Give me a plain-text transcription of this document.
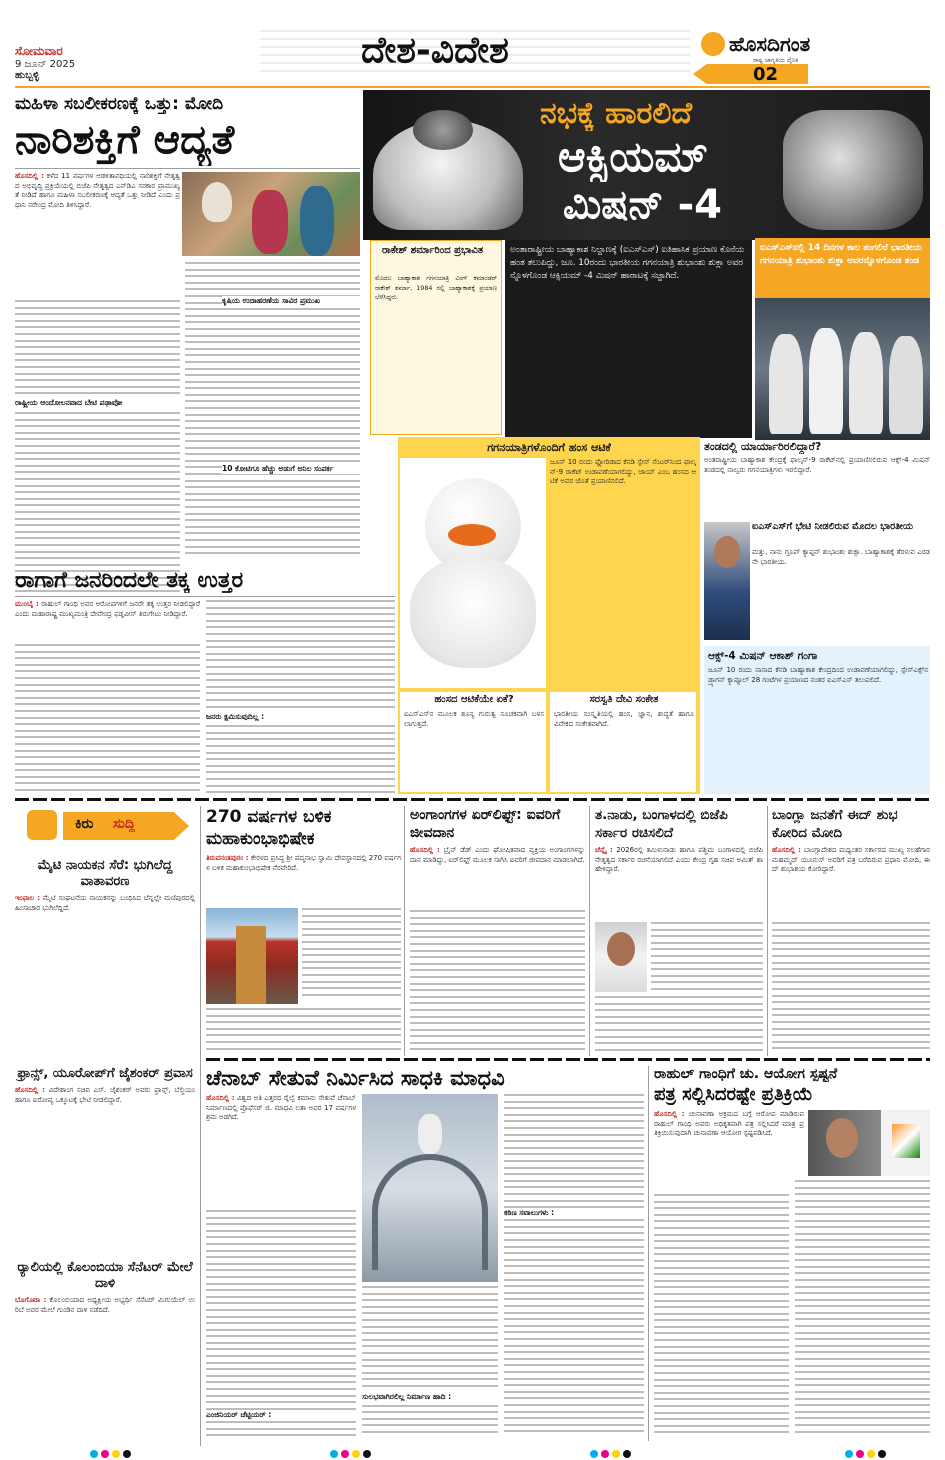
ಸೋಮವಾರ
9 ಜೂನ್ 2025
ಹುಬ್ಬಳ್ಳಿ
ದೇಶ-ವಿದೇಶ	ಹೊಸದಿಗಂತ
ರಾಷ್ಟ್ರ ಜಾಗೃತಿಯ ದೈನಿಕ
02
ಮಹಿಳಾ ಸಬಲೀಕರಣಕ್ಕೆ ಒತ್ತು: ಮೋದಿ
ನಾರಿಶಕ್ತಿಗೆ ಆದ್ಯತೆ
ಹೊಸದಿಲ್ಲಿ : ಕಳೆದ 11 ವರ್ಷಗಳ ಆಡಳಿತಾವಧಿಯಲ್ಲಿ ನಾರಿಶಕ್ತಿಗೆ ನೇತೃತ್ವದ ಅಭಿವೃದ್ಧಿ ಪ್ರಕ್ರಿಯೆಯಲ್ಲಿ ಬಿಜೆಪಿ ನೇತೃತ್ವದ ಎನ್‌ಡಿಎ ಸರಕಾರ ಪ್ರಾಮುಖ್ಯತೆ ನೀಡಿದೆ ಹಾಗೂ ಮಹಿಳಾ ಸಬಲೀಕರಣಕ್ಕೆ ಆದ್ಯತೆ ಒತ್ತು ನೀಡಿದೆ ಎಂದು ಪ್ರಧಾನಿ ನರೇಂದ್ರ ಮೋದಿ ತಿಳಿಸಿದ್ದಾರೆ.
ರಾಷ್ಟ್ರೀಯ ಆಂದೋಲನವಾದ ಬೇಟಿ ಪಢಾವೋ
ಕೃಷಿಯ ಉದಾಹರಣೆಯ ಸಾವಿರ ಪ್ರಮುಖ
10 ಕೋಟಿಗೂ ಹೆಚ್ಚು ಅಡುಗೆ ಅನಿಲ ಸಂಪರ್ಕ
ನಭಕ್ಕೆ ಹಾರಲಿದೆ
ಆಕ್ಸಿಯಮ್
ಮಿಷನ್ -4
ರಾಕೇಶ್ ಶರ್ಮಾರಿಂದ ಪ್ರಭಾವಿತ
ಮೊದಲ ಬಾಹ್ಯಾಕಾಶ ಗಗನಯಾತ್ರಿ ವಿಂಗ್ ಕಮಾಂಡರ್ ರಾಕೇಶ್ ಶರ್ಮಾ, 1984 ರಲ್ಲಿ ಬಾಹ್ಯಾಕಾಶಕ್ಕೆ ಪ್ರಯಾಣ ಬೆಳೆಸಿದ್ದರು.
ಅಂತಾರಾಷ್ಟ್ರೀಯ ಬಾಹ್ಯಾಕಾಶ ನಿಲ್ದಾಣಕ್ಕೆ (ಐಎಸ್‌ಎಸ್) ಐತಿಹಾಸಿಕ ಪ್ರಯಾಣ ಕೊನೆಯ ಹಂತ ತಲುಪಿದ್ದು, ಜೂ. 10ರಂದು ಭಾರತೀಯ ಗಗನಯಾತ್ರಿ ಶುಭಾಂಶು ಶುಕ್ಲಾ ಅವರನ್ನೊಳಗೊಂಡ ಆಕ್ಸಿಯಮ್ -4 ಮಿಷನ್ ಹಾರಾಟಕ್ಕೆ ಸಜ್ಜಾಗಿದೆ.
ಐಎಸ್‌ಎಸ್‌ನಲ್ಲಿ 14 ದಿನಗಳ ಕಾಲ ತಂಗಲಿರೆ ಭಾರತೀಯ ಗಗನಯಾತ್ರಿ ಶುಭಾಂಶು ಶುಕ್ಲಾ ಅವರನ್ನೊಳಗೊಂಡ ತಂಡ
ಗಗನಯಾತ್ರಿಗಳೊಂದಿಗೆ ಹಂಸ ಆಟಿಕೆ
ಜೂನ್ 10 ರಂದು ಫ್ಲೋರಿಡಾದ ಕೆನಡಿ ಸ್ಪೇಸ್ ಸೆಂಟರ್‌ನಿಂದ ಫಾಲ್ಕನ್-9 ರಾಕೆಟ್ ಉಡಾವಣೆಯಾಗಲಿದ್ದು, ಜಾಯ್ ಎಂಬ ಹಂಸದ ಆಟಿಕೆ ಅವರ ಜೊತೆ ಪ್ರಯಾಣಿಸಲಿದೆ.
ಹಂಸದ ಆಟಿಕೆಯೇ ಏಕೆ?
ಐಎಸ್‌ಎಸ್‌ನ ಮೂಲಕ ಶೂನ್ಯ ಗುರುತ್ವ ಸೂಚಕವಾಗಿ ಬಳಸಲಾಗುತ್ತದೆ.
ಸರಸ್ವತಿ ದೇವಿ ಸಂಕೇತ
ಭಾರತೀಯ ಸಂಸ್ಕೃತಿಯಲ್ಲಿ ಹಂಸ, ಜ್ಞಾನ, ಶುದ್ಧತೆ ಹಾಗೂ ವಿವೇಕದ ಸಂಕೇತವಾಗಿದೆ.
ತಂಡದಲ್ಲಿ ಯಾರ್ಯಾರಿರಲಿದ್ದಾರೆ?
ಅಂತರಾಷ್ಟ್ರೀಯ ಬಾಹ್ಯಾಕಾಶ ಕೇಂದ್ರಕ್ಕೆ ಫಾಲ್ಕನ್-9 ರಾಕೆಟ್‌ನಲ್ಲಿ ಪ್ರಯಾಣಿಸಲಿರುವ ಆಕ್ಸ್-4 ಮಿಷನ್ ತಂಡದಲ್ಲಿ ನಾಲ್ವರು ಗಗನಯಾತ್ರಿಗಳು ಇರಲಿದ್ದಾರೆ.
ಐಎಸ್‌ಎಸ್‌ಗೆ ಭೇಟಿ ನೀಡಲಿರುವ ಮೊದಲ ಭಾರತೀಯ
ಮತ್ತು, ನಾನು ಗ್ರೂಪ್ ಕ್ಯಾಪ್ಟನ್ ಶುಭಾಂಶು ಶುಕ್ಲಾ. ಬಾಹ್ಯಾಕಾಶಕ್ಕೆ ತೆರಳುವ ಎರಡನೇ ಭಾರತೀಯ.
ಆಕ್ಸ್-4 ಮಿಷನ್ ಆಕಾಶ್ ಗಂಗಾ
ಜೂನ್ 10 ರಂದು ನಾಸಾದ ಕೆನಡಿ ಬಾಹ್ಯಾಕಾಶ ಕೇಂದ್ರದಿಂದ ಉಡಾವಣೆಯಾಗಲಿದ್ದು, ಸ್ಪೇಸ್‌ಎಕ್ಸ್‌ನ ಡ್ರ್ಯಾಗನ್ ಕ್ಯಾಪ್ಸೂಲ್ 28 ಗಂಟೆಗಳ ಪ್ರಯಾಣದ ನಂತರ ಐಎಸ್‌ಎಸ್ ತಲುಪಲಿದೆ.
ರಾಗಾಗೆ ಜನರಿಂದಲೇ ತಕ್ಕ ಉತ್ತರ
ಮುಂಬೈ : ರಾಹುಲ್ ಗಾಂಧಿ ಅವರ ಆರೋಪಗಳಿಗೆ ಜನರೇ ತಕ್ಕ ಉತ್ತರ ನೀಡಲಿದ್ದಾರೆ ಎಂದು ಮಹಾರಾಷ್ಟ್ರ ಮುಖ್ಯಮಂತ್ರಿ ದೇವೇಂದ್ರ ಫಡ್ನವೀಸ್ ತಿರುಗೇಟು ನೀಡಿದ್ದಾರೆ.
ಜನರು ಕ್ಷಮಿಸುವುದಿಲ್ಲ :
ಕಿರು ಸುದ್ದಿ
ಮೈಟಿ ನಾಯಕನ ಸೆರೆ: ಭುಗಿಲೆದ್ದ ವಾತಾವರಣ
ಇಂಫಾಲ : ಮೈಟಿ ಸಂಘಟನೆಯ ನಾಯಕನನ್ನು ಬಂಧಿಸಿದ ಬೆನ್ನಲ್ಲೇ ಮಣಿಪುರದಲ್ಲಿ ಹಿಂಸಾಚಾರ ಭುಗಿಲೆದ್ದಿದೆ.
ಫ್ರಾನ್ಸ್, ಯೂರೋಪ್‌ಗೆ ಜೈಶಂಕರ್ ಪ್ರವಾಸ
ಹೊಸದಿಲ್ಲಿ : ವಿದೇಶಾಂಗ ಸಚಿವ ಎಸ್. ಜೈಶಂಕರ್ ಅವರು ಫ್ರಾನ್ಸ್, ಬೆಲ್ಜಿಯಂ ಹಾಗೂ ಐರೋಪ್ಯ ಒಕ್ಕೂಟಕ್ಕೆ ಭೇಟಿ ನೀಡಲಿದ್ದಾರೆ.
ರ್‍ಯಾಲಿಯಲ್ಲಿ ಕೊಲಂಬಿಯಾ ಸೆನೆಟರ್ ಮೇಲೆ ದಾಳಿ
ಬೊಗೊಟಾ : ಕೊಲಂಬಿಯಾದ ಅಧ್ಯಕ್ಷೀಯ ಅಭ್ಯರ್ಥಿ ಸೆನೆಟರ್ ಮಿಗುಯೆಲ್ ಉರಿಬೆ ಅವರ ಮೇಲೆ ಗುಂಡಿನ ದಾಳಿ ನಡೆದಿದೆ.
270 ವರ್ಷಗಳ ಬಳಿಕ ಮಹಾಕುಂಭಾಭಿಷೇಕ
ತಿರುವನಂತಪುರಂ : ಕೇರಳದ ಪ್ರಸಿದ್ಧ ಶ್ರೀ ಪದ್ಮನಾಭ ಸ್ವಾಮಿ ದೇವಸ್ಥಾನದಲ್ಲಿ 270 ವರ್ಷಗಳ ಬಳಿಕ ಮಹಾಕುಂಭಾಭಿಷೇಕ ನೆರವೇರಿದೆ.
ಅಂಗಾಂಗಗಳ ಏರ್‌ಲಿಫ್ಟ್: ಐವರಿಗೆ ಜೀವದಾನ
ಹೊಸದಿಲ್ಲಿ : ಬ್ರೈನ್ ಡೆಡ್ ಎಂದು ಘೋಷಿತವಾದ ವ್ಯಕ್ತಿಯ ಅಂಗಾಂಗಗಳನ್ನು ದಾನ ಮಾಡಿದ್ದು, ಏರ್‌ಲಿಫ್ಟ್ ಮೂಲಕ ಸಾಗಿಸಿ ಐವರಿಗೆ ಜೀವದಾನ ಮಾಡಲಾಗಿದೆ.
ತ.ನಾಡು, ಬಂಗಾಳದಲ್ಲಿ ಬಿಜೆಪಿ ಸರ್ಕಾರ ರಚಿಸಲಿದೆ
ಚೆನ್ನೈ : 2026ರಲ್ಲಿ ತಮಿಳುನಾಡು ಹಾಗೂ ಪಶ್ಚಿಮ ಬಂಗಾಳದಲ್ಲಿ ಬಿಜೆಪಿ ನೇತೃತ್ವದ ಸರ್ಕಾರ ರಚನೆಯಾಗಲಿದೆ ಎಂದು ಕೇಂದ್ರ ಗೃಹ ಸಚಿವ ಅಮಿತ್ ಶಾ ಹೇಳಿದ್ದಾರೆ.
ಬಾಂಗ್ಲಾ ಜನತೆಗೆ ಈದ್ ಶುಭ ಕೋರಿದ ಮೋದಿ
ಹೊಸದಿಲ್ಲಿ : ಬಾಂಗ್ಲಾದೇಶದ ಮಧ್ಯಂತರ ಸರ್ಕಾರದ ಮುಖ್ಯ ಸಲಹೆಗಾರ ಮಹಮ್ಮದ್ ಯೂನುಸ್ ಅವರಿಗೆ ಪತ್ರ ಬರೆದಿರುವ ಪ್ರಧಾನಿ ಮೋದಿ, ಈದ್ ಶುಭಾಶಯ ಕೋರಿದ್ದಾರೆ.
ಚೆನಾಬ್ ಸೇತುವೆ ನಿರ್ಮಿಸಿದ ಸಾಧಕಿ ಮಾಧವಿ
ಹೊಸದಿಲ್ಲಿ : ವಿಶ್ವದ ಅತಿ ಎತ್ತರದ ರೈಲ್ವೆ ಕಮಾನು ಸೇತುವೆ ಚೆನಾಬ್ ನಿರ್ಮಾಣದಲ್ಲಿ ಪ್ರೊಫೆಸರ್ ಜಿ. ಮಾಧವಿ ಲತಾ ಅವರ 17 ವರ್ಷಗಳ ಶ್ರಮ ಅಡಗಿದೆ.
ಕಠಿಣ ಸವಾಲುಗಳು :
ಸುಲಭವಾಗಿರಲಿಲ್ಲ ನಿರ್ಮಾಣ ಹಾದಿ :
ಎಂಜಿನಿಯರ್ ಚೆಟ್ಟಿಯರ್ :
ರಾಹುಲ್ ಗಾಂಧಿಗೆ ಚು. ಆಯೋಗ ಸ್ಪಷ್ಟನೆ
ಪತ್ರ ಸಲ್ಲಿಸಿದರಷ್ಟೇ ಪ್ರತಿಕ್ರಿಯೆ
ಹೊಸದಿಲ್ಲಿ : ಚುನಾವಣಾ ಅಕ್ರಮದ ಬಗ್ಗೆ ಆರೋಪ ಮಾಡಿರುವ ರಾಹುಲ್ ಗಾಂಧಿ ಅವರು ಅಧಿಕೃತವಾಗಿ ಪತ್ರ ಸಲ್ಲಿಸಿದರೆ ಮಾತ್ರ ಪ್ರತಿಕ್ರಿಯಿಸುವುದಾಗಿ ಚುನಾವಣಾ ಆಯೋಗ ಸ್ಪಷ್ಟಪಡಿಸಿದೆ.
